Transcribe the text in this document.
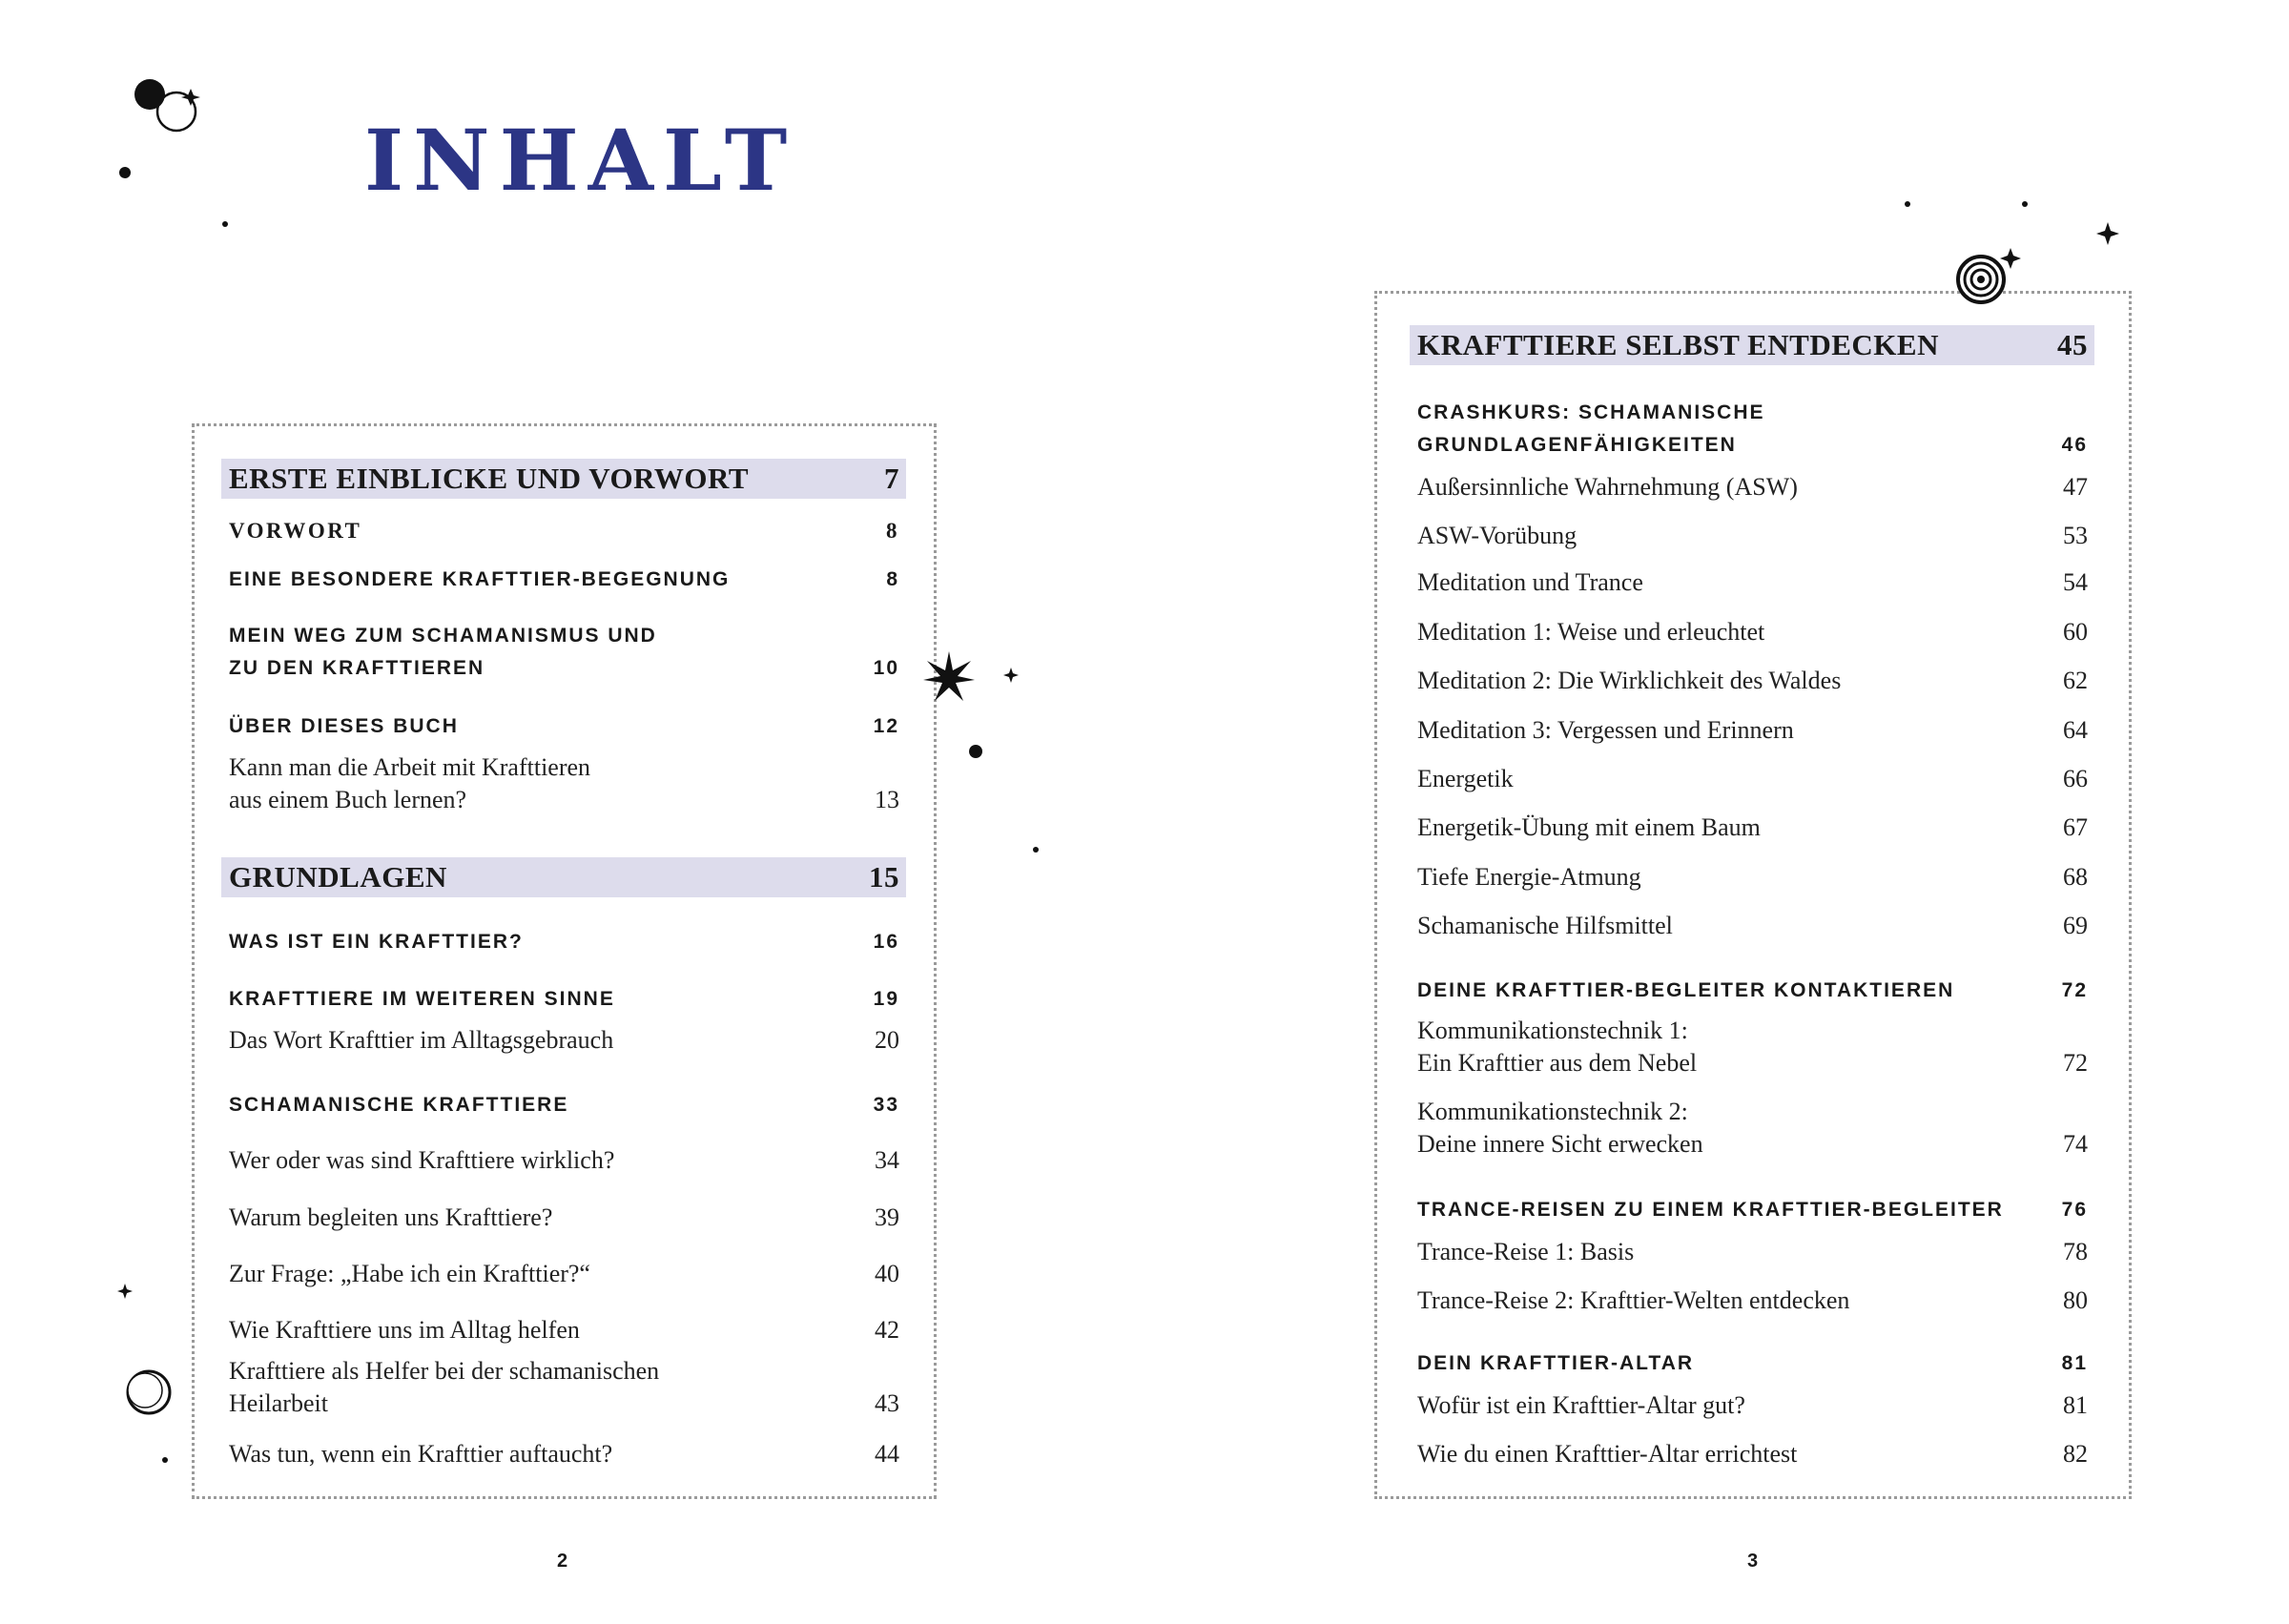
INHALT
ERSTE EINBLICKE UND VORWORT	7
VORWORT	8
EINE BESONDERE KRAFTTIER-BEGEGNUNG	8
MEIN WEG ZUM SCHAMANISMUS UND
ZU DEN KRAFTTIEREN	10
ÜBER DIESES BUCH	12
Kann man die Arbeit mit Krafttieren
aus einem Buch lernen?	13
GRUNDLAGEN	15
WAS IST EIN KRAFTTIER?	16
KRAFTTIERE IM WEITEREN SINNE	19
Das Wort Krafttier im Alltagsgebrauch	20
SCHAMANISCHE KRAFTTIERE	33
Wer oder was sind Krafttiere wirklich?	34
Warum begleiten uns Krafttiere?	39
Zur Frage: „Habe ich ein Krafttier?“	40
Wie Krafttiere uns im Alltag helfen	42
Krafttiere als Helfer bei der schamanischen
Heilarbeit	43
Was tun, wenn ein Krafttier auftaucht?	44
KRAFTTIERE SELBST ENTDECKEN	45
CRASHKURS: SCHAMANISCHE
GRUNDLAGENFÄHIGKEITEN	46
Außersinnliche Wahrnehmung (ASW)	47
ASW-Vorübung	53
Meditation und Trance	54
Meditation 1: Weise und erleuchtet	60
Meditation 2: Die Wirklichkeit des Waldes	62
Meditation 3: Vergessen und Erinnern	64
Energetik	66
Energetik-Übung mit einem Baum	67
Tiefe Energie-Atmung	68
Schamanische Hilfsmittel	69
DEINE KRAFTTIER-BEGLEITER KONTAKTIEREN	72
Kommunikationstechnik 1:
Ein Krafttier aus dem Nebel	72
Kommunikationstechnik 2:
Deine innere Sicht erwecken	74
TRANCE-REISEN ZU EINEM KRAFTTIER-BEGLEITER	76
Trance-Reise 1: Basis	78
Trance-Reise 2: Krafttier-Welten entdecken	80
DEIN KRAFTTIER-ALTAR	81
Wofür ist ein Krafttier-Altar gut?	81
Wie du einen Krafttier-Altar errichtest	82
2	3
